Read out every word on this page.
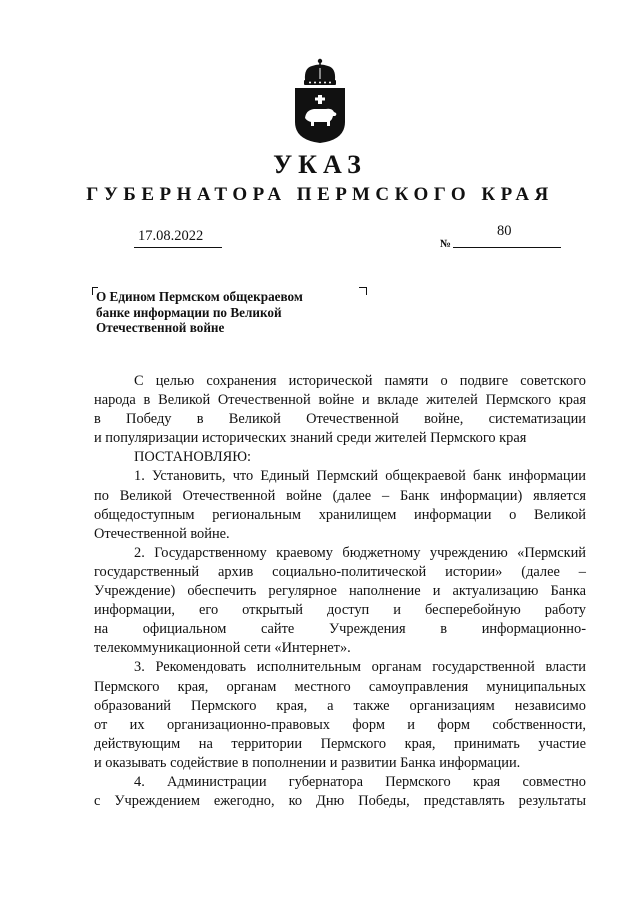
УКАЗ
ГУБЕРНАТОРА ПЕРМСКОГО КРАЯ
17.08.2022	№
80
О Едином Пермском общекраевом
банке информации по Великой
Отечественной войне

С целью сохранения исторической памяти о подвиге советского

народа в Великой Отечественной войне и вкладе жителей Пермского края

в Победу в Великой Отечественной войне, систематизации

и популяризации исторических знаний среди жителей Пермского края

ПОСТАНОВЛЯЮ:

1. Установить, что Единый Пермский общекраевой банк информации

по Великой Отечественной войне (далее – Банк информации) является

общедоступным региональным хранилищем информации о Великой

Отечественной войне.

2. Государственному краевому бюджетному учреждению «Пермский

государственный архив социально-политической истории» (далее –

Учреждение) обеспечить регулярное наполнение и актуализацию Банка

информации, его открытый доступ и бесперебойную работу

на официальном сайте Учреждения в информационно-

телекоммуникационной сети «Интернет».

3. Рекомендовать исполнительным органам государственной власти

Пермского края, органам местного самоуправления муниципальных

образований Пермского края, а также организациям независимо

от их организационно-правовых форм и форм собственности,

действующим на территории Пермского края, принимать участие

и оказывать содействие в пополнении и развитии Банка информации.

4. Администрации губернатора Пермского края совместно

с Учреждением ежегодно, ко Дню Победы, представлять результаты
